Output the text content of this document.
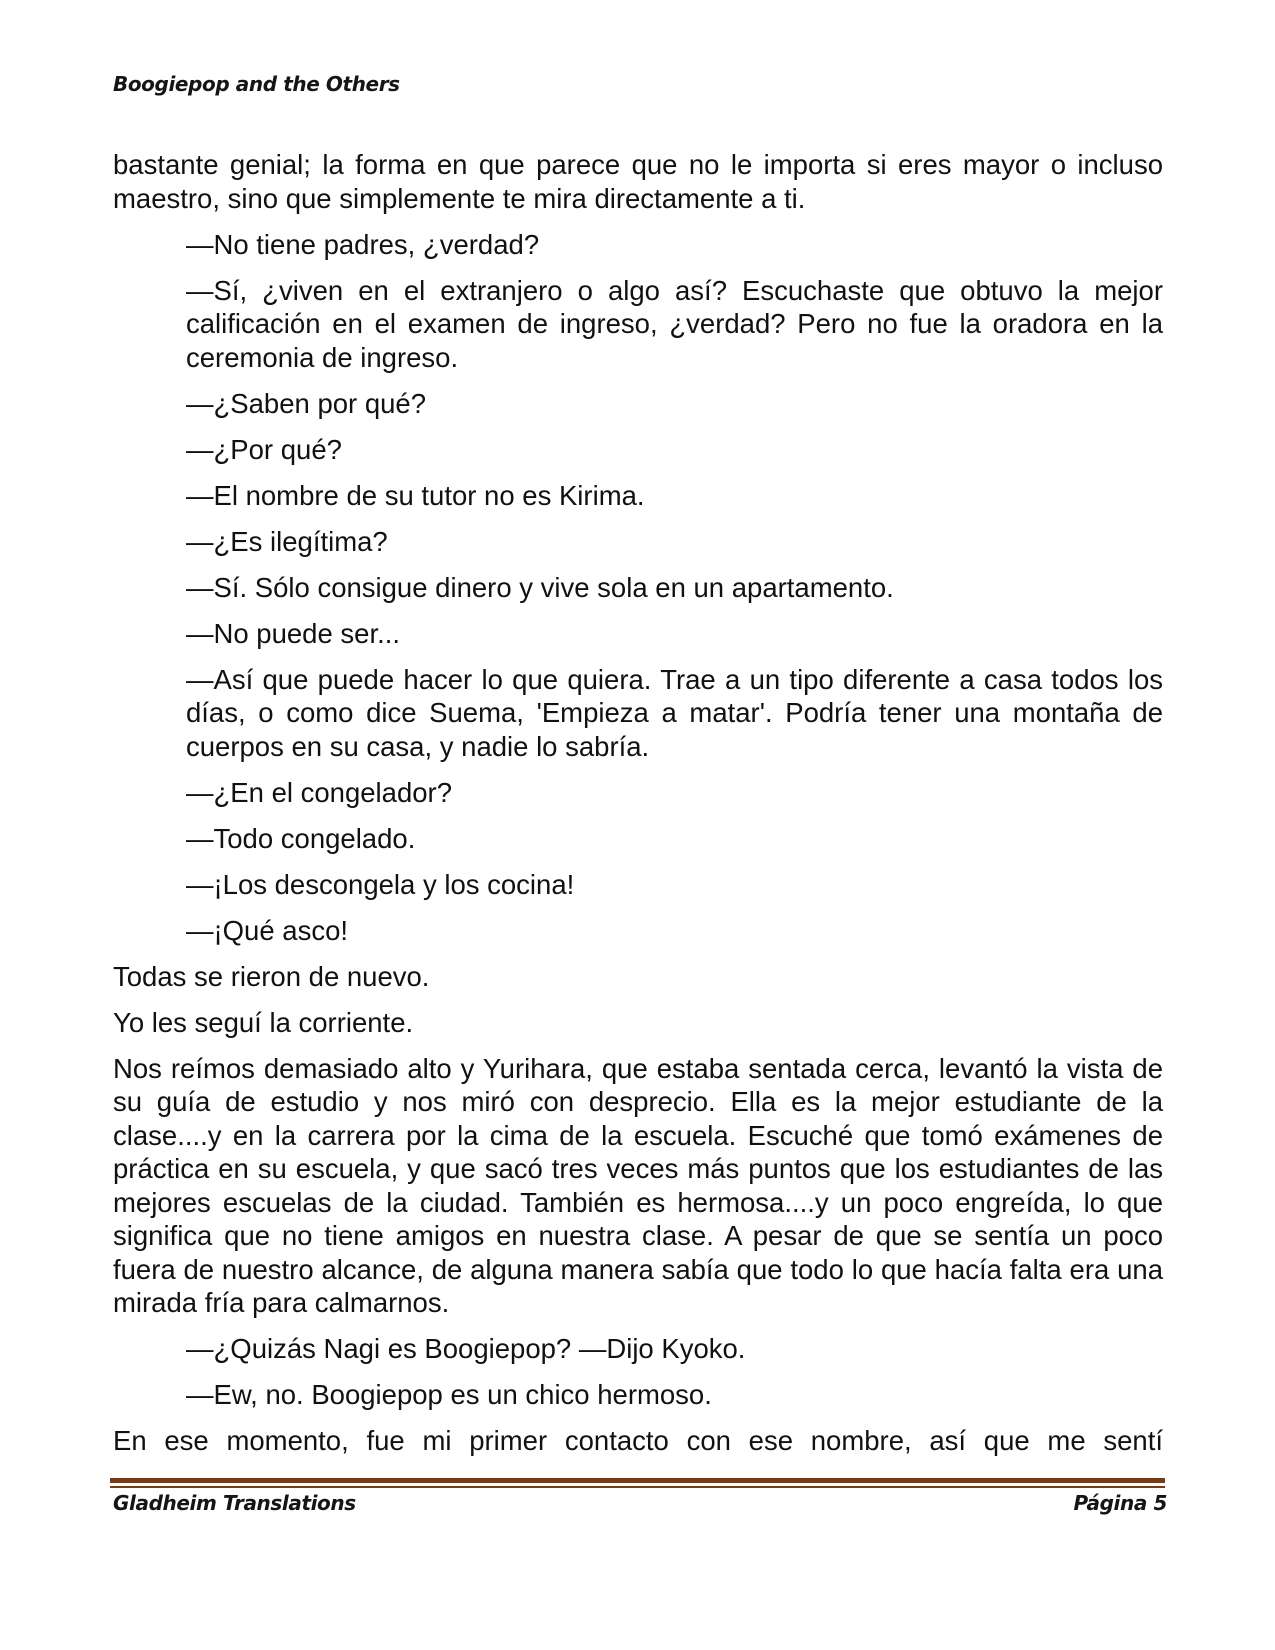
Boogiepop and the Others

bastante genial; la forma en que parece que no le importa si eres mayor o incluso maestro, sino que simplemente te mira directamente a ti.

—No tiene padres, ¿verdad?

—Sí, ¿viven en el extranjero o algo así? Escuchaste que obtuvo la mejor calificación en el examen de ingreso, ¿verdad? Pero no fue la oradora en la ceremonia de ingreso.

—¿Saben por qué?

—¿Por qué?

—El nombre de su tutor no es Kirima.

—¿Es ilegítima?

—Sí. Sólo consigue dinero y vive sola en un apartamento.

—No puede ser...

—Así que puede hacer lo que quiera. Trae a un tipo diferente a casa todos los días, o como dice Suema, 'Empieza a matar'. Podría tener una montaña de cuerpos en su casa, y nadie lo sabría.

—¿En el congelador?

—Todo congelado.

—¡Los descongela y los cocina!

—¡Qué asco!

Todas se rieron de nuevo.

Yo les seguí la corriente.

Nos reímos demasiado alto y Yurihara, que estaba sentada cerca, levantó la vista de su guía de estudio y nos miró con desprecio. Ella es la mejor estudiante de la clase....y en la carrera por la cima de la escuela. Escuché que tomó exámenes de práctica en su escuela, y que sacó tres veces más puntos que los estudiantes de las mejores escuelas de la ciudad. También es hermosa....y un poco engreída, lo que significa que no tiene amigos en nuestra clase. A pesar de que se sentía un poco fuera de nuestro alcance, de alguna manera sabía que todo lo que hacía falta era una mirada fría para calmarnos.

—¿Quizás Nagi es Boogiepop? —Dijo Kyoko.

—Ew, no. Boogiepop es un chico hermoso.

En ese momento, fue mi primer contacto con ese nombre, así que me sentí

Gladheim Translations	Página 5
